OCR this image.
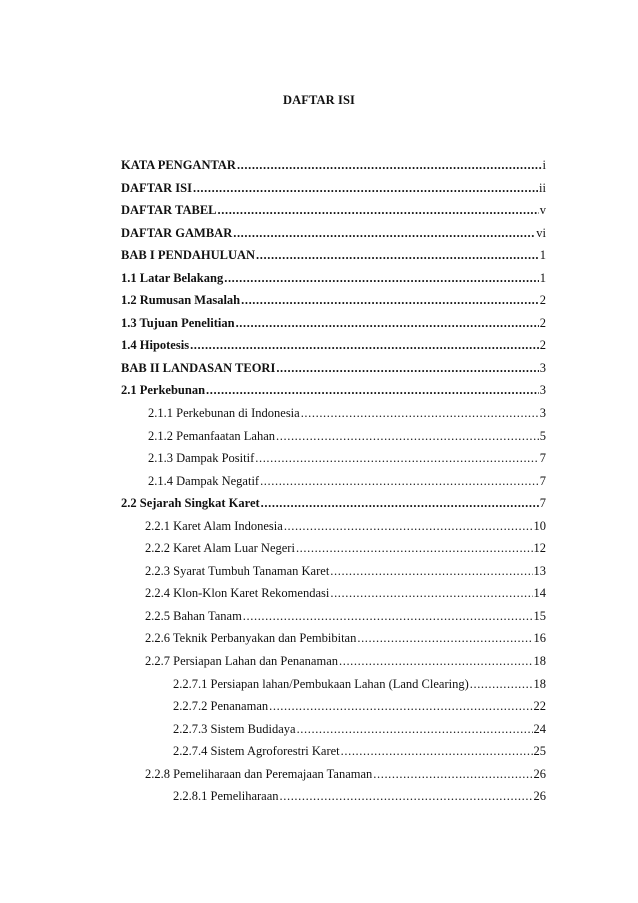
DAFTAR ISI
KATA PENGANTAR .....	i
DAFTAR ISI .....	ii
DAFTAR TABEL .....	v
DAFTAR GAMBAR .....	vi
BAB I PENDAHULUAN .....	1
1.1 Latar Belakang .....	1
1.2 Rumusan Masalah .....	2
1.3 Tujuan Penelitian .....	2
1.4 Hipotesis .....	2
BAB II LANDASAN TEORI .....	3
2.1 Perkebunan .....	3
2.1.1 Perkebunan di Indonesia .....	3
2.1.2 Pemanfaatan Lahan .....	5
2.1.3 Dampak Positif .....	7
2.1.4 Dampak Negatif .....	7
2.2 Sejarah Singkat Karet .....	7
2.2.1 Karet Alam Indonesia .....	10
2.2.2 Karet Alam Luar Negeri .....	12
2.2.3 Syarat Tumbuh Tanaman Karet .....	13
2.2.4 Klon-Klon Karet Rekomendasi .....	14
2.2.5 Bahan Tanam .....	15
2.2.6 Teknik Perbanyakan dan Pembibitan .....	16
2.2.7 Persiapan Lahan dan Penanaman .....	18
2.2.7.1 Persiapan lahan/Pembukaan Lahan (Land Clearing) .....	18
2.2.7.2 Penanaman .....	22
2.2.7.3 Sistem Budidaya .....	24
2.2.7.4 Sistem Agroforestri Karet .....	25
2.2.8 Pemeliharaan dan Peremajaan Tanaman .....	26
2.2.8.1 Pemeliharaan .....	26
